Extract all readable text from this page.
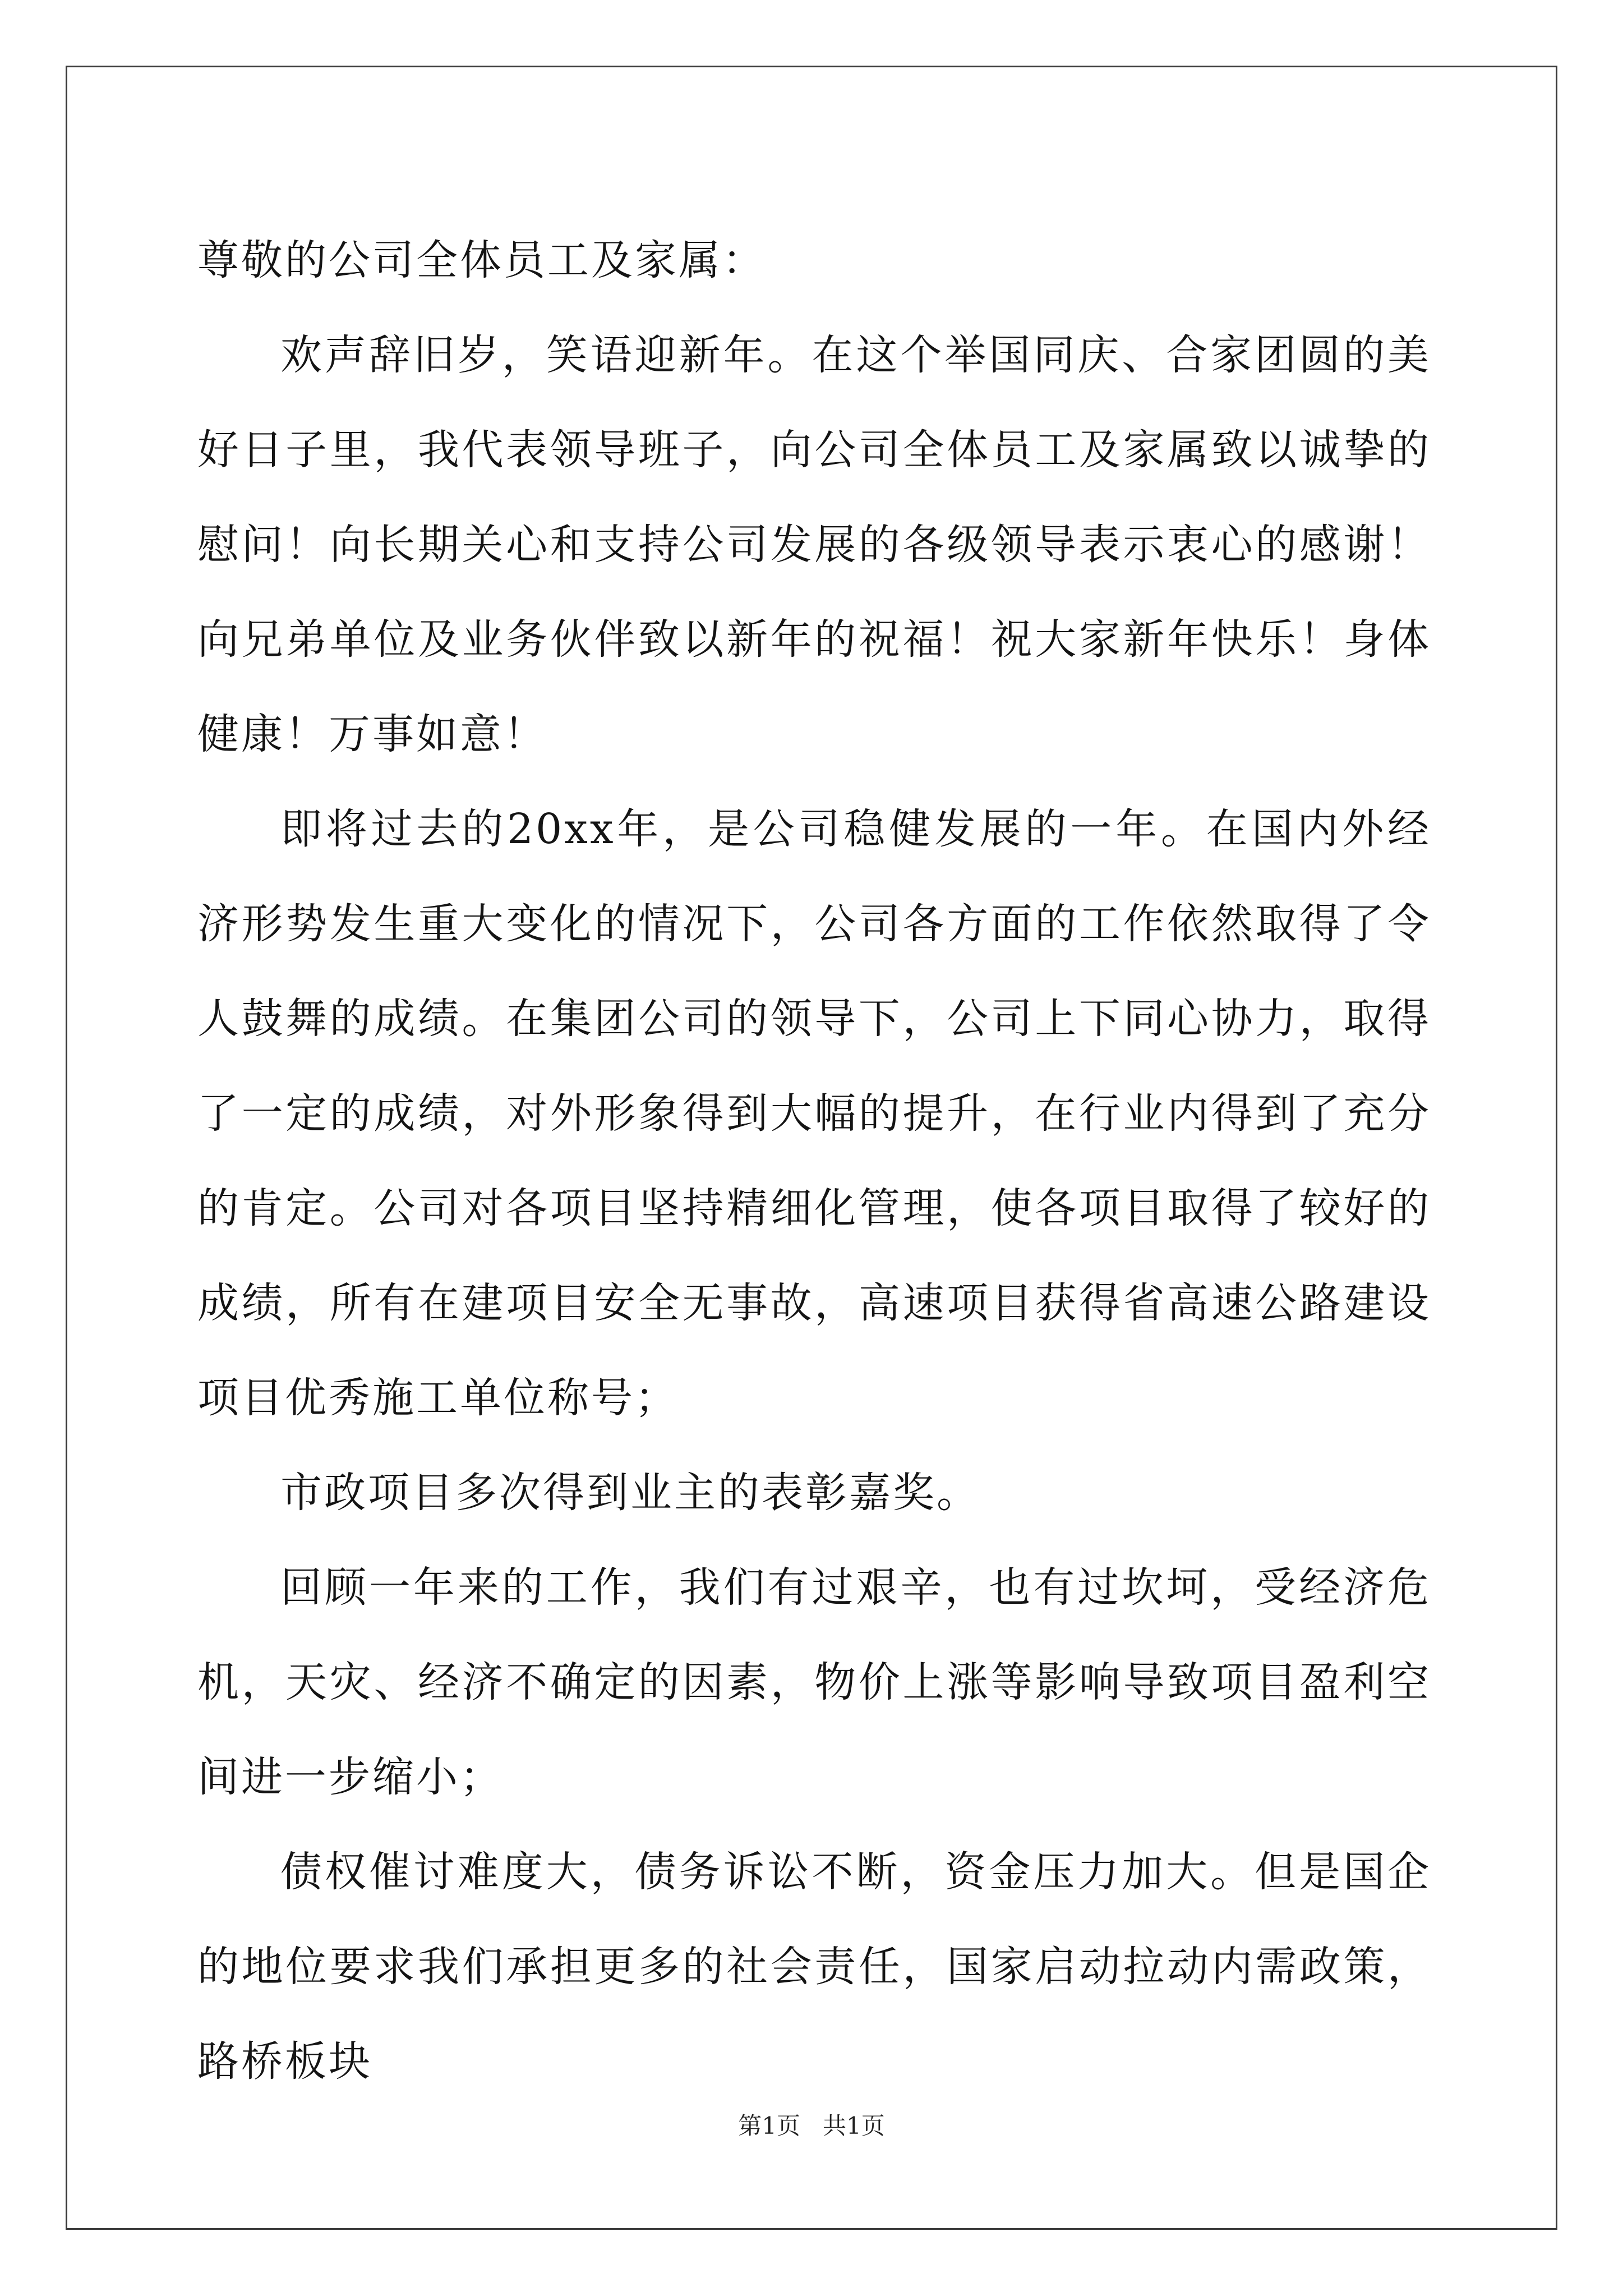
尊敬的公司全体员工及家属：

欢声辞旧岁，笑语迎新年。在这个举国同庆、合家团圆的美好日子里，我代表领导班子，向公司全体员工及家属致以诚挚的慰问！向长期关心和支持公司发展的各级领导表示衷心的感谢！向兄弟单位及业务伙伴致以新年的祝福！祝大家新年快乐！身体健康！万事如意！

即将过去的20xx年，是公司稳健发展的一年。在国内外经济形势发生重大变化的情况下，公司各方面的工作依然取得了令人鼓舞的成绩。在集团公司的领导下，公司上下同心协力，取得了一定的成绩，对外形象得到大幅的提升，在行业内得到了充分的肯定。公司对各项目坚持精细化管理，使各项目取得了较好的成绩，所有在建项目安全无事故，高速项目获得省高速公路建设项目优秀施工单位称号；

市政项目多次得到业主的表彰嘉奖。

回顾一年来的工作，我们有过艰辛，也有过坎坷，受经济危机，天灾、经济不确定的因素，物价上涨等影响导致项目盈利空间进一步缩小；

债权催讨难度大，债务诉讼不断，资金压力加大。但是国企的地位要求我们承担更多的社会责任，国家启动拉动内需政策，路桥板块

第1页 共1页
